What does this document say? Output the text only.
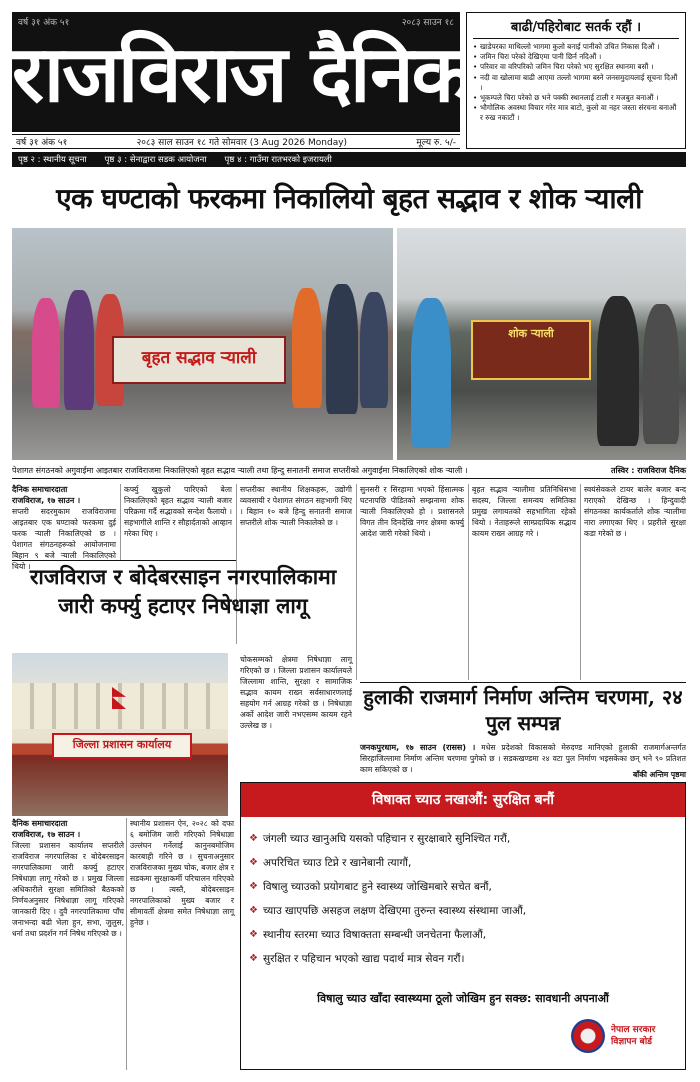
वर्ष ३१ अंक ५१	२०८३ साउन १८
राजविराज दैनिक
वर्ष ३१ अंक ५१	२०८३ साल साउन १८ गते सोमवार (3 Aug 2026 Monday)	मूल्य रु. ५/-
बाढी/पहिरोबाट सतर्क रहौं ।
• खाडेपरका माथिल्लो भागमा कुलो बनाई पानीको उचित निकास दिऔं ।
• जमिन चिरा परेको देखिएमा पानी छिर्न नदिऔं ।
• परिवार वा वरिपरिको जमिन चिरा परेको भए सुरक्षित स्थानमा बसौं ।
• नदी वा खोलामा बाढी आएमा तल्लो भागमा बस्ने जनसमुदायलाई सूचना दिऔं ।
• भूकम्पले चिरा परेको छ भने पक्की स्थानलाई टाली र मजबुत बनाऔं ।
• भौगोलिक अवस्था विचार गरेर मात्र बाटो, कुलो वा नहर जस्ता संरचना बनाऔं र रुख नकाटौं ।
पृष्ठ २ : स्थानीय सूचना पृष्ठ ३ : सेनाद्वारा सडक आयोजना पृष्ठ ४ : गाउँमा रातभरको इजरायली
एक घण्टाको फरकमा निकालियो बृहत सद्भाव र शोक र्‍याली
बृहत सद्भाव र्‍याली
शोक र्‍याली
पेशागत संगठनको अगुवाईमा आइतबार राजविराजमा निकालिएको बृहत सद्भाव र्‍याली तथा हिन्दु सनातनी समाज सप्तरीको अगुवाईमा निकालिएको शोक र्‍याली ।	तस्विर : राजविराज दैनिक
दैनिक समाचारदाता
राजविराज, १७ साउन ।

सप्तरी सदरमुकाम राजविराजमा आइतबार एक घण्टाको फरकमा दुई फरक र्‍याली निकालिएको छ । पेशागत संगठनहरूको आयोजनामा बिहान ९ बजे र्‍याली निकालिएको थियो ।

कर्फ्यु खुकुलो पारिएको बेला निकालिएको बृहत सद्भाव र्‍याली बजार परिक्रमा गर्दै सद्भावको सन्देश फैलायो । सहभागीले शान्ति र सौहार्दताको आव्हान गरेका थिए ।

सप्तरीका स्थानीय शिक्षकहरू, उद्योगी व्यवसायी र पेशागत संगठन सहभागी थिए । बिहान १० बजे हिन्दु सनातनी समाज सप्तरीले शोक र्‍याली निकालेको छ ।

सुनसरी र सिरहामा भएको हिंसात्मक घटनापछि पीडितको सम्झनामा शोक र्‍याली निकालिएको हो । प्रशासनले विगत तीन दिनदेखि नगर क्षेत्रमा कर्फ्यु आदेश जारी गरेको थियो ।

बृहत सद्भाव र्‍यालीमा प्रतिनिधिसभा सदस्य, जिल्ला समन्वय समितिका प्रमुख लगायतको सहभागिता रहेको थियो । नेताहरूले साम्प्रदायिक सद्भाव कायम राख्न आग्रह गरे ।

स्वयंसेवकले टायर बालेर बजार बन्द गराएको देखिन्छ । हिन्दुवादी संगठनका कार्यकर्ताले शोक र्‍यालीमा नारा लगाएका थिए । प्रहरीले सुरक्षा कडा गरेको छ ।

राजविराज र बोदेबरसाइन नगरपालिकामा जारी कर्फ्यु हटाएर निषेधाज्ञा लागू
जिल्ला प्रशासन कार्यालय
दैनिक समाचारदाता
राजविराज, १७ साउन ।

जिल्ला प्रशासन कार्यालय सप्तरीले राजविराज नगरपालिका र बोदेबरसाइन नगरपालिकामा जारी कर्फ्यु हटाएर निषेधाज्ञा लागू गरेको छ । प्रमुख जिल्ला अधिकारीले सुरक्षा समितिको बैठकको निर्णयअनुसार निषेधाज्ञा लागू गरिएको जानकारी दिए । दुवै नगरपालिकामा पाँच जनाभन्दा बढी भेला हुन, सभा, जुलुस, धर्ना तथा प्रदर्शन गर्न निषेध गरिएको छ ।

स्थानीय प्रशासन ऐन, २०२८ को दफा ६ बमोजिम जारी गरिएको निषेधाज्ञा उल्लंघन गर्नेलाई कानुनबमोजिम कारबाही गरिने छ । सुचनाअनुसार राजविराजका मुख्य चोक, बजार क्षेत्र र सडकमा सुरक्षाकर्मी परिचालन गरिएको छ । त्यस्तै, बोदेबरसाइन नगरपालिकाको मुख्य बजार र सीमावर्ती क्षेत्रमा समेत निषेधाज्ञा लागू हुनेछ ।

चोकसम्मको क्षेत्रमा निषेधाज्ञा लागू गरिएको छ । जिल्ला प्रशासन कार्यालयले जिल्लामा शान्ति, सुरक्षा र सामाजिक सद्भाव कायम राख्न सर्वसाधारणलाई सहयोग गर्न आग्रह गरेको छ । निषेधाज्ञा अर्को आदेश जारी नभएसम्म कायम रहने उल्लेख छ ।

हुलाकी राजमार्ग निर्माण अन्तिम चरणमा, २४ पुल सम्पन्न
जनकपुरधाम, १७ साउन (रासस) । मधेस प्रदेशको विकासको मेरुदण्ड मानिएको हुलाकी राजमार्गअन्तर्गत सिरहाजिल्लामा निर्माण अन्तिम चरणमा पुगेको छ । सडकखण्डमा २४ वटा पुल निर्माण भइसकेका छन् भने ९० प्रतिशत काम सकिएको छ ।
बाँकी अन्तिम पृष्ठमा
विषाक्त च्याउ नखाऔं: सुरक्षित बनौं
❖ जंगली च्याउ खानुअघि यसको पहिचान र सुरक्षाबारे सुनिश्चित गरौं,
❖ अपरिचित च्याउ टिप्ने र खानेबानी त्यागौं,
❖ विषालु च्याउको प्रयोगबाट हुने स्वास्थ्य जोखिमबारे सचेत बनौं,
❖ च्याउ खाएपछि असहज लक्षण देखिएमा तुरुन्त स्वास्थ्य संस्थामा जाऔं,
❖ स्थानीय स्तरमा च्याउ विषाक्तता सम्बन्धी जनचेतना फैलाऔं,
❖ सुरक्षित र पहिचान भएको खाद्य पदार्थ मात्र सेवन गरौं।
विषालु च्याउ खाँदा स्वास्थ्यमा ठूलो जोखिम हुन सक्छ: सावधानी अपनाऔं
नेपाल सरकार
विज्ञापन बोर्ड
